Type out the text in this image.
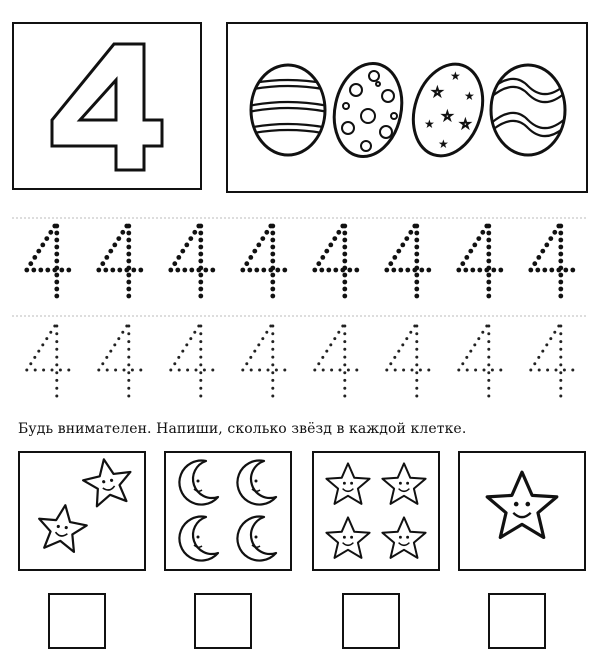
★
☆ ★
☆
★ ☆
★
Будь внимателен. Напиши, сколько звёзд в каждой клетке.
